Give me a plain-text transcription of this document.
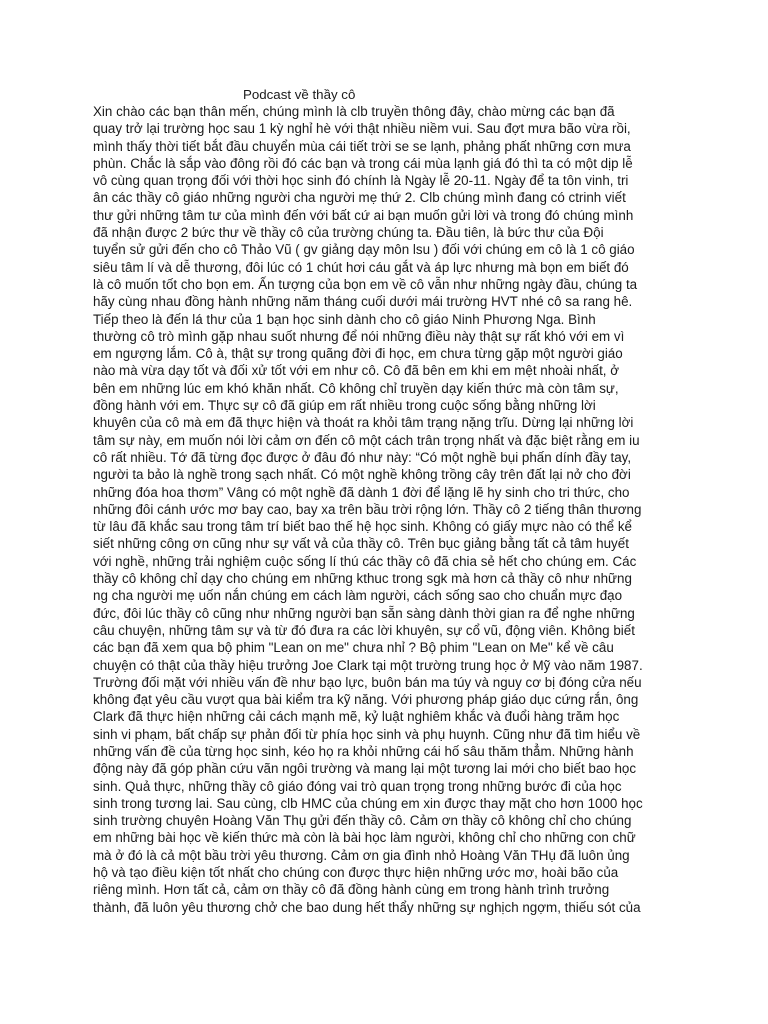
Podcast về thầy cô
Xin chào các bạn thân mến, chúng mình là clb truyền thông đây, chào mừng các bạn đã
quay trở lại trường học sau 1 kỳ nghỉ hè với thật nhiều niềm vui. Sau đợt mưa bão vừa rồi,
mình thấy thời tiết bắt đầu chuyển mùa cái tiết trời se se lạnh, phảng phất những cơn mưa
phùn. Chắc là sắp vào đông rồi đó các bạn và trong cái mùa lạnh giá đó thì ta có một dịp lễ
vô cùng quan trọng đối với thời học sinh đó chính là Ngày lễ 20-11. Ngày để ta tôn vinh, tri
ân các thầy cô giáo những người cha người mẹ thứ 2. Clb chúng mình đang có ctrinh viết
thư gửi những tâm tư của mình đến với bất cứ ai bạn muốn gửi lời và trong đó chúng mình
đã nhận được 2 bức thư về thầy cô của trường chúng ta. Đầu tiên, là bức thư của Đội
tuyển sử gửi đến cho cô Thảo Vũ ( gv giảng dạy môn lsu ) đối với chúng em cô là 1 cô giáo
siêu tâm lí và dễ thương, đôi lúc có 1 chút hơi cáu gắt và áp lực nhưng mà bọn em biết đó
là cô muốn tốt cho bọn em. Ấn tượng của bọn em về cô vẫn như những ngày đầu, chúng ta
hãy cùng nhau đồng hành những năm tháng cuối dưới mái trường HVT nhé cô sa rang hê.
Tiếp theo là đến lá thư của 1 bạn học sinh dành cho cô giáo Ninh Phương Nga. Bình
thường cô trò mình gặp nhau suốt nhưng để nói những điều này thật sự rất khó với em vì
em ngượng lắm. Cô à, thật sự trong quãng đời đi học, em chưa từng gặp một người giáo
nào mà vừa dạy tốt và đối xử tốt với em như cô. Cô đã bên em khi em mệt nhoài nhất, ở
bên em những lúc em khó khăn nhất. Cô không chỉ truyền dạy kiến thức mà còn tâm sự,
đồng hành với em. Thực sự cô đã giúp em rất nhiều trong cuộc sống bằng những lời
khuyên của cô mà em đã thực hiện và thoát ra khỏi tâm trạng nặng trĩu. Dừng lại những lời
tâm sự này, em muốn nói lời cảm ơn đến cô một cách trân trọng nhất và đặc biệt rằng em iu
cô rất nhiều. Tớ đã từng đọc được ở đâu đó như này: “Có một nghề bụi phấn dính đầy tay,
người ta bảo là nghề trong sạch nhất. Có một nghề không trồng cây trên đất lại nở cho đời
những đóa hoa thơm” Vâng có một nghề đã dành 1 đời để lặng lẽ hy sinh cho tri thức, cho
những đôi cánh ước mơ bay cao, bay xa trên bầu trời rộng lớn. Thầy cô 2 tiếng thân thương
từ lâu đã khắc sau trong tâm trí biết bao thế hệ học sinh. Không có giấy mực nào có thể kể
siết những công ơn cũng như sự vất vả của thầy cô. Trên bục giảng bằng tất cả tâm huyết
với nghề, những trải nghiệm cuộc sống lí thú các thầy cô đã chia sẻ hết cho chúng em. Các
thầy cô không chỉ dạy cho chúng em những kthuc trong sgk mà hơn cả thầy cô như những
ng cha người mẹ uốn nắn chúng em cách làm người, cách sống sao cho chuẩn mực đạo
đức, đôi lúc thầy cô cũng như những người bạn sẵn sàng dành thời gian ra để nghe những
câu chuyện, những tâm sự và từ đó đưa ra các lời khuyên, sự cổ vũ, động viên. Không biết
các bạn đã xem qua bộ phim "Lean on me" chưa nhỉ ? Bộ phim "Lean on Me" kể về câu
chuyện có thật của thầy hiệu trưởng Joe Clark tại một trường trung học ở Mỹ vào năm 1987.
Trường đối mặt với nhiều vấn đề như bạo lực, buôn bán ma túy và nguy cơ bị đóng cửa nếu
không đạt yêu cầu vượt qua bài kiểm tra kỹ năng. Với phương pháp giáo dục cứng rắn, ông
Clark đã thực hiện những cải cách mạnh mẽ, kỷ luật nghiêm khắc và đuổi hàng trăm học
sinh vi phạm, bất chấp sự phản đối từ phía học sinh và phụ huynh. Cũng như đã tìm hiểu về
những vấn đề của từng học sinh, kéo họ ra khỏi những cái hố sâu thăm thẳm. Những hành
động này đã góp phần cứu vãn ngôi trường và mang lại một tương lai mới cho biết bao học
sinh. Quả thực, những thầy cô giáo đóng vai trò quan trọng trong những bước đi của học
sinh trong tương lai. Sau cùng, clb HMC của chúng em xin được thay mặt cho hơn 1000 học
sinh trường chuyên Hoàng Văn Thụ gửi đến thầy cô. Cảm ơn thầy cô không chỉ cho chúng
em những bài học về kiến thức mà còn là bài học làm người, không chỉ cho những con chữ
mà ở đó là cả một bầu trời yêu thương. Cảm ơn gia đình nhỏ Hoàng Văn THụ đã luôn ủng
hộ và tạo điều kiện tốt nhất cho chúng con được thực hiện những ước mơ, hoài bão của
riêng mình. Hơn tất cả, cảm ơn thầy cô đã đồng hành cùng em trong hành trình trưởng
thành, đã luôn yêu thương chở che bao dung hết thẩy những sự nghịch ngợm, thiếu sót của
